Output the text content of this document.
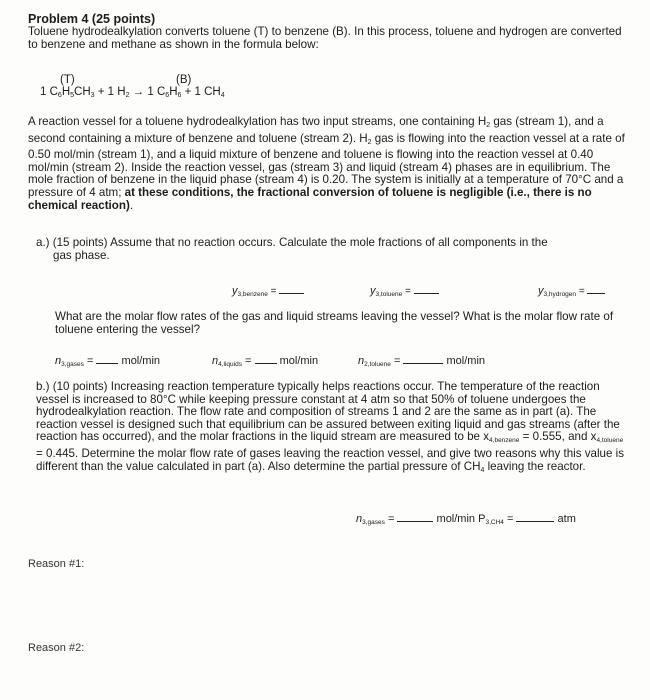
Problem 4 (25 points)
Toluene hydrodealkylation converts toluene (T) to benzene (B). In this process, toluene and hydrogen are converted to benzene and methane as shown in the formula below:
(T)	(B)
1 $C_6H_5CH_3 + 1$ $H_2 \to 1$ $C_6H_6 + 1$ $CH_4$
A reaction vessel for a toluene hydrodealkylation has two input streams, one containing $H_2$ gas (stream 1), and a second containing a mixture of benzene and toluene (stream 2). $H_2$ gas is flowing into the reaction vessel at a rate of 0.50 mol/min (stream 1), and a liquid mixture of benzene and toluene is flowing into the reaction vessel at 0.40 mol/min (stream 2). Inside the reaction vessel, gas (stream 3) and liquid (stream 4) phases are in equilibrium. The mole fraction of benzene in the liquid phase (stream 4) is 0.20. The system is initially at a temperature of 70°C and a pressure of 4 atm; at these conditions, the fractional conversion of toluene is negligible (i.e., there is no chemical reaction).
a.) (15 points) Assume that no reaction occurs. Calculate the mole fractions of all components in the
gas phase.
$y_{3,benzene}$ =	$y_{3,toluene}$ =	$y_{3,hydrogen}$ =
What are the molar flow rates of the gas and liquid streams leaving the vessel? What is the molar flow rate of toluene entering the vessel?
n3,gases =	mol/min	n4,liquids =	mol/min	n2,toluene =	mol/min
b.) (10 points) Increasing reaction temperature typically helps reactions occur. The temperature of the reaction vessel is increased to 80°C while keeping pressure constant at 4 atm so that 50% of toluene undergoes the hydrodealkylation reaction. The flow rate and composition of streams 1 and 2 are the same as in part (a). The reaction vessel is designed such that equilibrium can be assured between exiting liquid and gas streams (after the reaction has occurred), and the molar fractions in the liquid stream are measured to be x4,benzene = 0.555, and x4,toluene = 0.445. Determine the molar flow rate of gases leaving the reaction vessel, and give two reasons why this value is different than the value calculated in part (a). Also determine the partial pressure of $CH_4$ leaving the reactor.
n3,gases =	mol/min P3,CH4 =	atm
Reason #1:
Reason #2:
